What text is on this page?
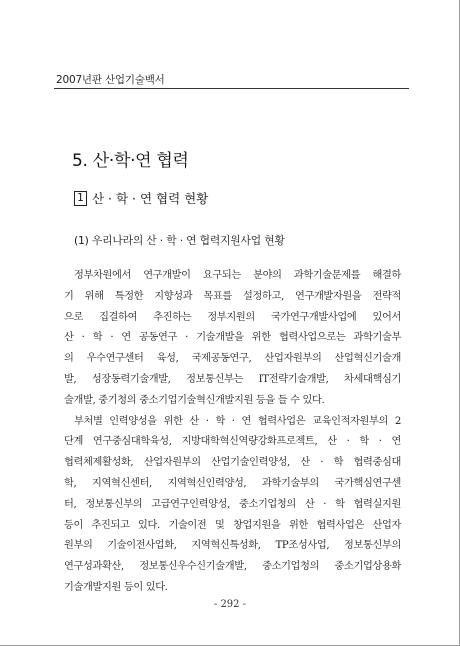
2007년판 산업기술백서
5. 산·학·연 협력
1 산 · 학 · 연 협력 현황
(1) 우리나라의 산 · 학 · 연 협력지원사업 현황

정부차원에서 연구개발이 요구되는 분야의 과학기술문제를 해결하
기 위해 특정한 지향성과 목표를 설정하고, 연구개발자원을 전략적
으로 집결하여 추진하는 정부지원의 국가연구개발사업에 있어서
산 · 학 · 연 공동연구 · 기술개발을 위한 협력사업으로는 과학기술부
의 우수연구센터 육성, 국제공동연구, 산업자원부의 산업혁신기술개
발, 성장동력기술개발, 정보통신부는 IT전략기술개발, 차세대핵심기
술개발, 중기청의 중소기업기술혁신개발지원 등을 들 수 있다.

부처별 인력양성을 위한 산 · 학 · 연 협력사업은 교육인적자원부의 2
단계 연구중심대학육성, 지방대학혁신역량강화프로젝트, 산 · 학 · 연
협력체제활성화, 산업자원부의 산업기술인력양성, 산 · 학 협력중심대
학, 지역혁신센터, 지역혁신인력양성, 과학기술부의 국가핵심연구센
터, 정보통신부의 고급연구인력양성, 중소기업청의 산 · 학 협력실지원
등이 추진되고 있다. 기술이전 및 창업지원을 위한 협력사업은 산업자
원부의 기술이전사업화, 지역혁신특성화, TP조성사업, 정보통신부의
연구성과확산, 정보통신우수신기술개발, 중소기업청의 중소기업상용화
기술개발지원 등이 있다.

- 292 -
